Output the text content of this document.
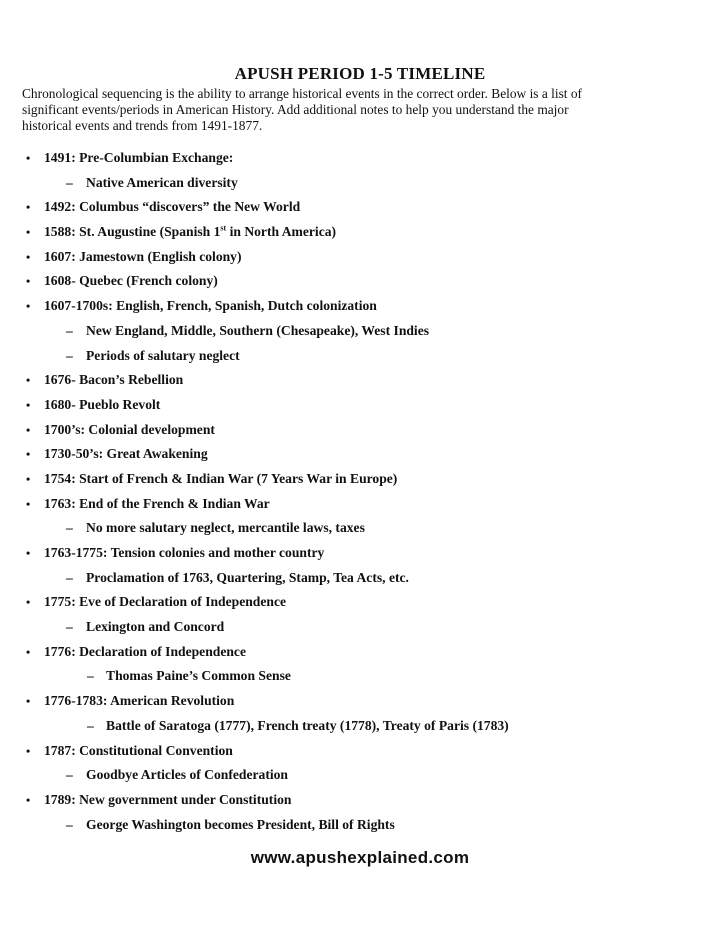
APUSH PERIOD 1-5 TIMELINE

Chronological sequencing is the ability to arrange historical events in the correct order. Below is a list of

significant events/periods in American History. Add additional notes to help you understand the major

historical events and trends from 1491-1877.

• 1491: Pre-Columbian Exchange:
– Native American diversity
• 1492: Columbus “discovers” the New World
• 1588: St. Augustine (Spanish 1st in North America)
• 1607: Jamestown (English colony)
• 1608- Quebec (French colony)
• 1607-1700s: English, French, Spanish, Dutch colonization
– New England, Middle, Southern (Chesapeake), West Indies
– Periods of salutary neglect
• 1676- Bacon’s Rebellion
• 1680- Pueblo Revolt
• 1700’s: Colonial development
• 1730-50’s: Great Awakening
• 1754: Start of French & Indian War (7 Years War in Europe)
• 1763: End of the French & Indian War
– No more salutary neglect, mercantile laws, taxes
• 1763-1775: Tension colonies and mother country
– Proclamation of 1763, Quartering, Stamp, Tea Acts, etc.
• 1775: Eve of Declaration of Independence
– Lexington and Concord
• 1776: Declaration of Independence
– Thomas Paine’s Common Sense
• 1776-1783: American Revolution
– Battle of Saratoga (1777), French treaty (1778), Treaty of Paris (1783)
• 1787: Constitutional Convention
– Goodbye Articles of Confederation
• 1789: New government under Constitution
– George Washington becomes President, Bill of Rights
www.apushexplained.com
